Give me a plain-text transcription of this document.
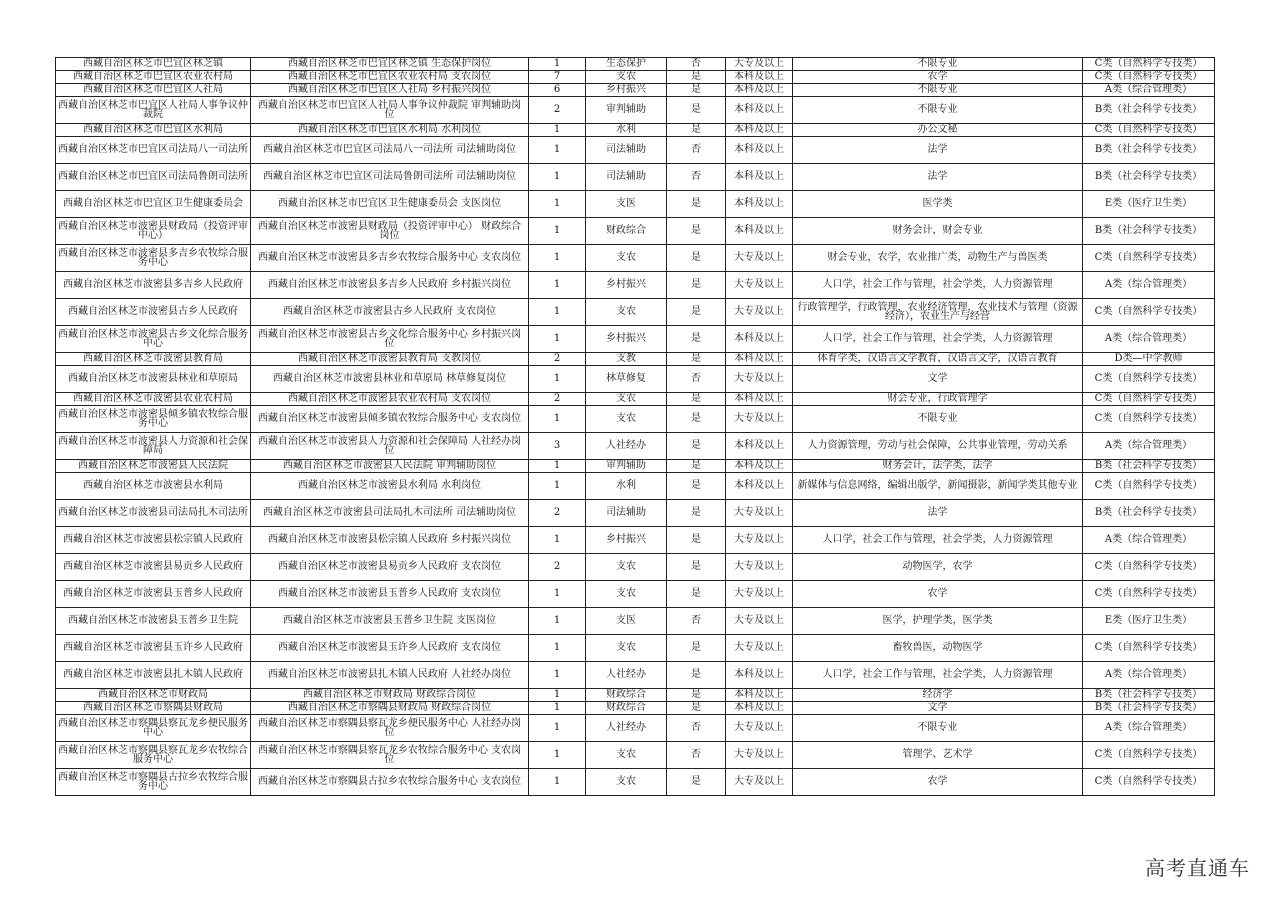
西藏自治区林芝市巴宜区林芝镇	西藏自治区林芝市巴宜区林芝镇 生态保护岗位	1	生态保护	否	大专及以上	不限专业	C类（自然科学专技类）
西藏自治区林芝市巴宜区农业农村局	西藏自治区林芝市巴宜区农业农村局 支农岗位	7	支农	是	本科及以上	农学	C类（自然科学专技类）
西藏自治区林芝市巴宜区人社局	西藏自治区林芝市巴宜区人社局 乡村振兴岗位	6	乡村振兴	是	本科及以上	不限专业	A类（综合管理类）
西藏自治区林芝市巴宜区人社局人事争议仲裁院	西藏自治区林芝市巴宜区人社局人事争议仲裁院 审判辅助岗位	2	审判辅助	是	本科及以上	不限专业	B类（社会科学专技类）
西藏自治区林芝市巴宜区水利局	西藏自治区林芝市巴宜区水利局 水利岗位	1	水利	是	本科及以上	办公文秘	C类（自然科学专技类）
西藏自治区林芝市巴宜区司法局八一司法所	西藏自治区林芝市巴宜区司法局八一司法所 司法辅助岗位	1	司法辅助	否	本科及以上	法学	B类（社会科学专技类）
西藏自治区林芝市巴宜区司法局鲁朗司法所	西藏自治区林芝市巴宜区司法局鲁朗司法所 司法辅助岗位	1	司法辅助	否	本科及以上	法学	B类（社会科学专技类）
西藏自治区林芝市巴宜区卫生健康委员会	西藏自治区林芝市巴宜区卫生健康委员会 支医岗位	1	支医	是	本科及以上	医学类	E类（医疗卫生类）
西藏自治区林芝市波密县财政局（投资评审中心）	西藏自治区林芝市波密县财政局（投资评审中心） 财政综合岗位	1	财政综合	是	本科及以上	财务会计，财会专业	B类（社会科学专技类）
西藏自治区林芝市波密县多吉乡农牧综合服务中心	西藏自治区林芝市波密县多吉乡农牧综合服务中心 支农岗位	1	支农	是	大专及以上	财会专业，农学，农业推广类，动物生产与兽医类	C类（自然科学专技类）
西藏自治区林芝市波密县多吉乡人民政府	西藏自治区林芝市波密县多吉乡人民政府 乡村振兴岗位	1	乡村振兴	是	大专及以上	人口学，社会工作与管理，社会学类，人力资源管理	A类（综合管理类）
西藏自治区林芝市波密县古乡人民政府	西藏自治区林芝市波密县古乡人民政府 支农岗位	1	支农	是	大专及以上	行政管理学，行政管理，农业经济管理，农业技术与管理（资源经济），农业生产与经营	C类（自然科学专技类）
西藏自治区林芝市波密县古乡文化综合服务中心	西藏自治区林芝市波密县古乡文化综合服务中心 乡村振兴岗位	1	乡村振兴	是	本科及以上	人口学，社会工作与管理，社会学类，人力资源管理	A类（综合管理类）
西藏自治区林芝市波密县教育局	西藏自治区林芝市波密县教育局 支教岗位	2	支教	是	本科及以上	体育学类，汉语言文学教育，汉语言文学，汉语言教育	D类—中学教师
西藏自治区林芝市波密县林业和草原局	西藏自治区林芝市波密县林业和草原局 林草修复岗位	1	林草修复	否	大专及以上	文学	C类（自然科学专技类）
西藏自治区林芝市波密县农业农村局	西藏自治区林芝市波密县农业农村局 支农岗位	2	支农	是	本科及以上	财会专业，行政管理学	C类（自然科学专技类）
西藏自治区林芝市波密县倾多镇农牧综合服务中心	西藏自治区林芝市波密县倾多镇农牧综合服务中心 支农岗位	1	支农	是	大专及以上	不限专业	C类（自然科学专技类）
西藏自治区林芝市波密县人力资源和社会保障局	西藏自治区林芝市波密县人力资源和社会保障局 人社经办岗位	3	人社经办	是	本科及以上	人力资源管理，劳动与社会保障，公共事业管理，劳动关系	A类（综合管理类）
西藏自治区林芝市波密县人民法院	西藏自治区林芝市波密县人民法院 审判辅助岗位	1	审判辅助	是	本科及以上	财务会计，法学类，法学	B类（社会科学专技类）
西藏自治区林芝市波密县水利局	西藏自治区林芝市波密县水利局 水利岗位	1	水利	是	本科及以上	新媒体与信息网络，编辑出版学，新闻摄影，新闻学类其他专业	C类（自然科学专技类）
西藏自治区林芝市波密县司法局扎木司法所	西藏自治区林芝市波密县司法局扎木司法所 司法辅助岗位	2	司法辅助	是	大专及以上	法学	B类（社会科学专技类）
西藏自治区林芝市波密县松宗镇人民政府	西藏自治区林芝市波密县松宗镇人民政府 乡村振兴岗位	1	乡村振兴	是	大专及以上	人口学，社会工作与管理，社会学类，人力资源管理	A类（综合管理类）
西藏自治区林芝市波密县易贡乡人民政府	西藏自治区林芝市波密县易贡乡人民政府 支农岗位	2	支农	是	大专及以上	动物医学，农学	C类（自然科学专技类）
西藏自治区林芝市波密县玉普乡人民政府	西藏自治区林芝市波密县玉普乡人民政府 支农岗位	1	支农	是	大专及以上	农学	C类（自然科学专技类）
西藏自治区林芝市波密县玉普乡卫生院	西藏自治区林芝市波密县玉普乡卫生院 支医岗位	1	支医	否	大专及以上	医学，护理学类，医学类	E类（医疗卫生类）
西藏自治区林芝市波密县玉许乡人民政府	西藏自治区林芝市波密县玉许乡人民政府 支农岗位	1	支农	是	大专及以上	畜牧兽医，动物医学	C类（自然科学专技类）
西藏自治区林芝市波密县扎木镇人民政府	西藏自治区林芝市波密县扎木镇人民政府 人社经办岗位	1	人社经办	是	本科及以上	人口学，社会工作与管理，社会学类，人力资源管理	A类（综合管理类）
西藏自治区林芝市财政局	西藏自治区林芝市财政局 财政综合岗位	1	财政综合	是	本科及以上	经济学	B类（社会科学专技类）
西藏自治区林芝市察隅县财政局	西藏自治区林芝市察隅县财政局 财政综合岗位	1	财政综合	是	本科及以上	文学	B类（社会科学专技类）
西藏自治区林芝市察隅县察瓦龙乡便民服务中心	西藏自治区林芝市察隅县察瓦龙乡便民服务中心 人社经办岗位	1	人社经办	否	大专及以上	不限专业	A类（综合管理类）
西藏自治区林芝市察隅县察瓦龙乡农牧综合服务中心	西藏自治区林芝市察隅县察瓦龙乡农牧综合服务中心 支农岗位	1	支农	否	大专及以上	管理学、艺术学	C类（自然科学专技类）
西藏自治区林芝市察隅县古拉乡农牧综合服务中心	西藏自治区林芝市察隅县古拉乡农牧综合服务中心 支农岗位	1	支农	是	大专及以上	农学	C类（自然科学专技类）
高考直通车
